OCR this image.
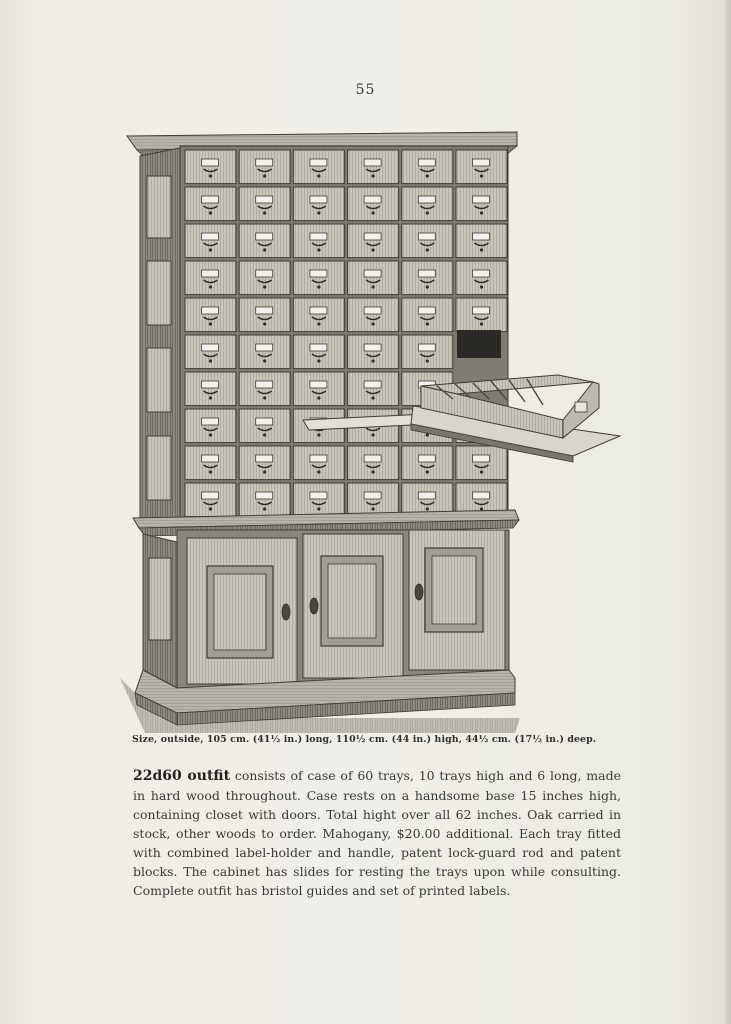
55
Size, outside, 105 cm. (41½ in.) long, 110½ cm. (44 in.) high, 44½ cm. (17½ in.) deep.
22d60 outfit consists of case of 60 trays, 10 trays high and 6 long, made in hard wood throughout. Case rests on a handsome base 15 inches high, containing closet with doors. Total hight over all 62 inches. Oak carried in stock, other woods to order. Mahogany, $20.00 additional. Each tray fitted with combined label-holder and handle, patent lock-guard rod and patent blocks. The cabinet has slides for resting the trays upon while consulting. Complete outfit has bristol guides and set of printed labels.
